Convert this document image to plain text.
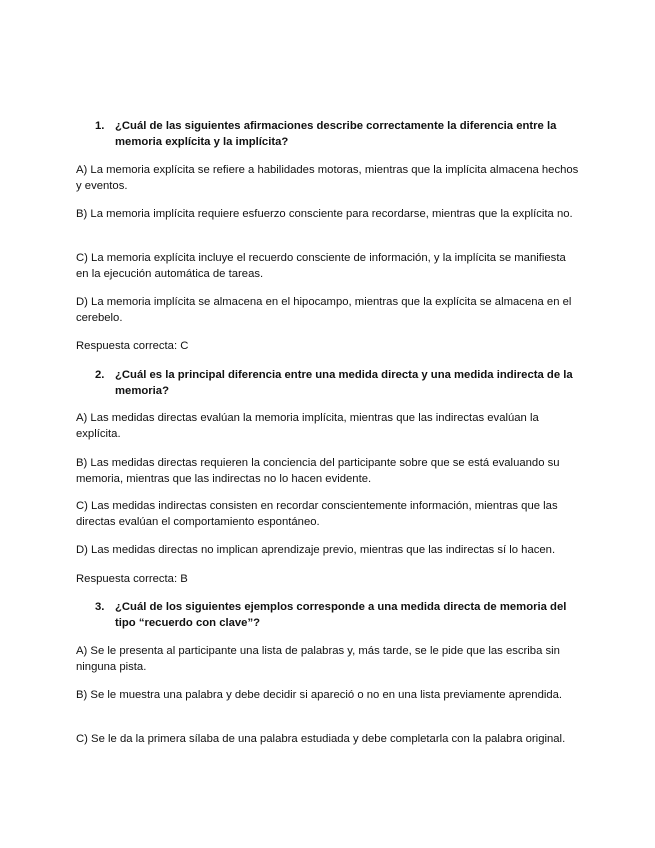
1. ¿Cuál de las siguientes afirmaciones describe correctamente la diferencia entre la memoria explícita y la implícita?
A) La memoria explícita se refiere a habilidades motoras, mientras que la implícita almacena hechos y eventos.
B) La memoria implícita requiere esfuerzo consciente para recordarse, mientras que la explícita no.
C) La memoria explícita incluye el recuerdo consciente de información, y la implícita se manifiesta en la ejecución automática de tareas.
D) La memoria implícita se almacena en el hipocampo, mientras que la explícita se almacena en el cerebelo.
Respuesta correcta: C
2. ¿Cuál es la principal diferencia entre una medida directa y una medida indirecta de la memoria?
A) Las medidas directas evalúan la memoria implícita, mientras que las indirectas evalúan la explícita.
B) Las medidas directas requieren la conciencia del participante sobre que se está evaluando su memoria, mientras que las indirectas no lo hacen evidente.
C) Las medidas indirectas consisten en recordar conscientemente información, mientras que las directas evalúan el comportamiento espontáneo.
D) Las medidas directas no implican aprendizaje previo, mientras que las indirectas sí lo hacen.
Respuesta correcta: B
3. ¿Cuál de los siguientes ejemplos corresponde a una medida directa de memoria del tipo “recuerdo con clave”?
A) Se le presenta al participante una lista de palabras y, más tarde, se le pide que las escriba sin ninguna pista.
B) Se le muestra una palabra y debe decidir si apareció o no en una lista previamente aprendida.
C) Se le da la primera sílaba de una palabra estudiada y debe completarla con la palabra original.
